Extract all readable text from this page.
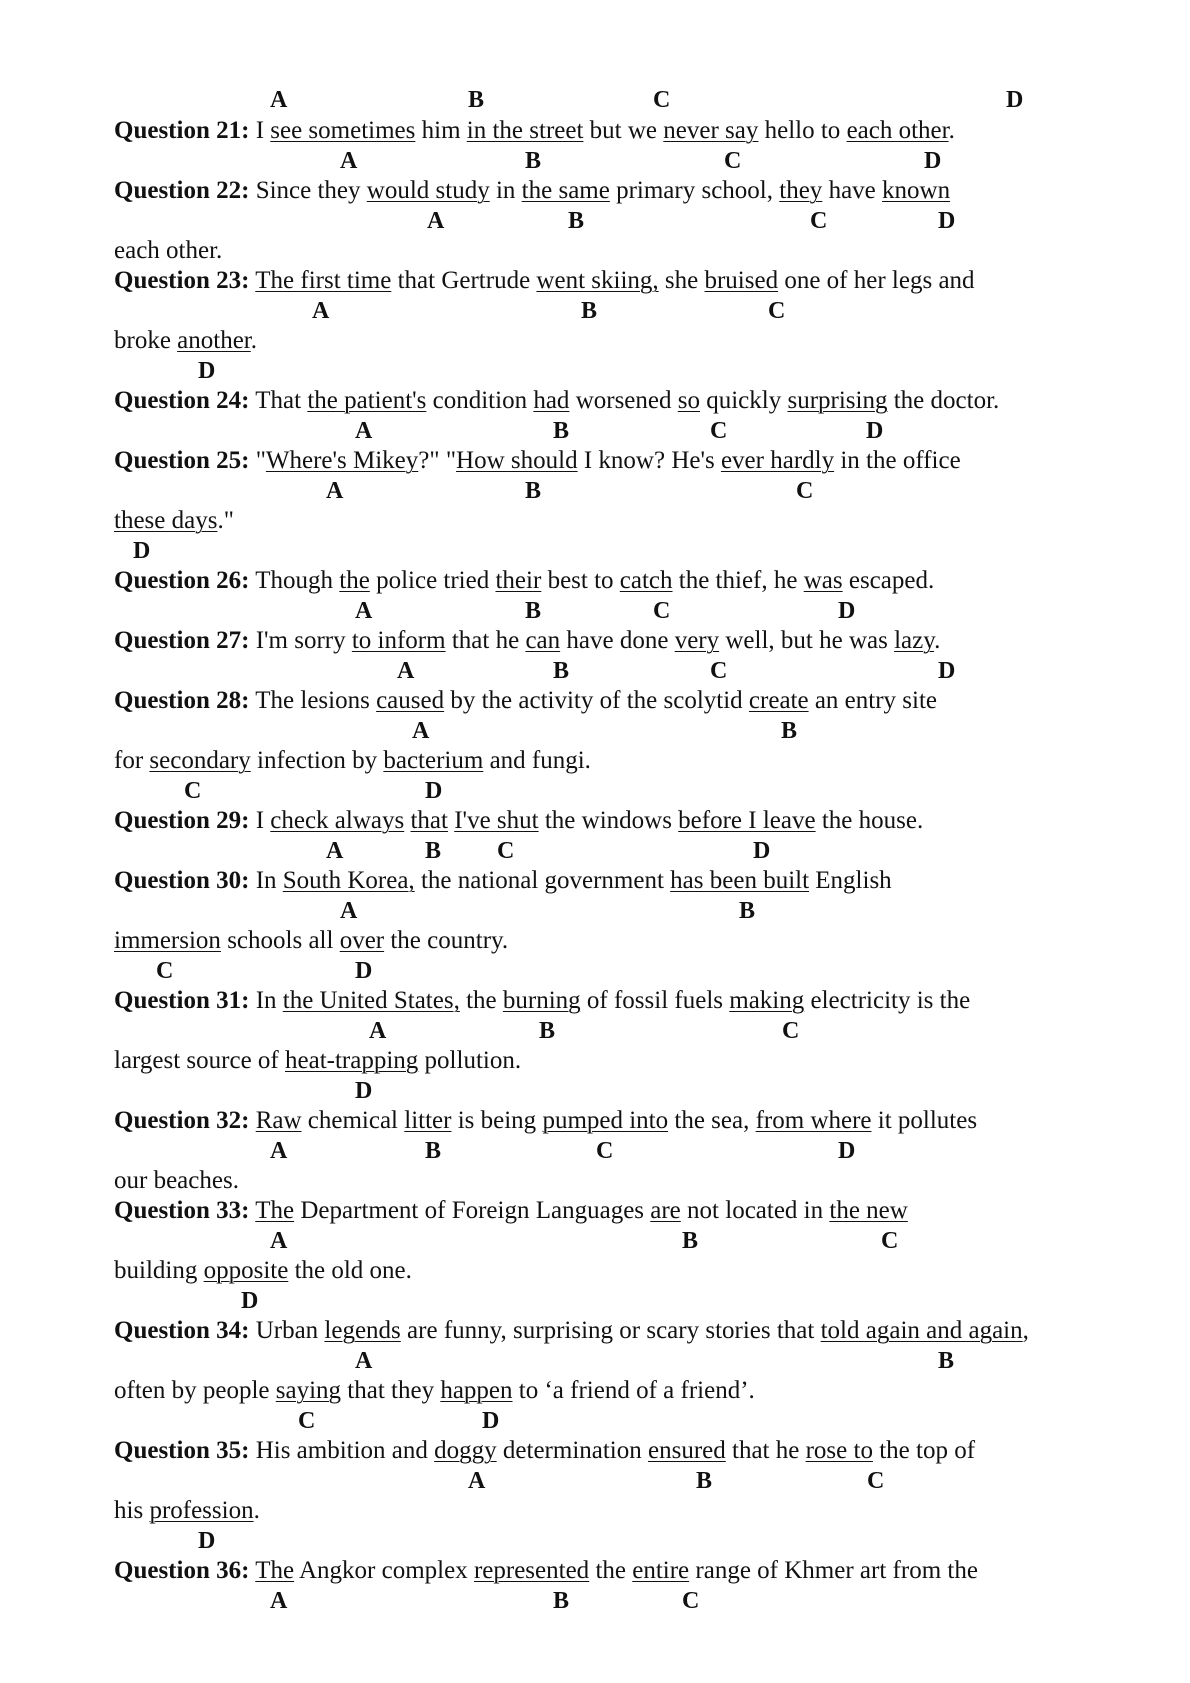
Question 21: I see sometimes him in the street but we never say hello to each other.
Question 22: Since they would study in the same primary school, they have known
each other.
Question 23: The first time that Gertrude went skiing, she bruised one of her legs and
broke another.
Question 24: That the patient's condition had worsened so quickly surprising the doctor.
Question 25: "Where's Mikey?" "How should I know? He's ever hardly in the office
these days."
Question 26: Though the police tried their best to catch the thief, he was escaped.
Question 27: I'm sorry to inform that he can have done very well, but he was lazy.
Question 28: The lesions caused by the activity of the scolytid create an entry site
for secondary infection by bacterium and fungi.
Question 29: I check always that I've shut the windows before I leave the house.
Question 30: In South Korea, the national government has been built English
immersion schools all over the country.
Question 31: In the United States, the burning of fossil fuels making electricity is the
largest source of heat-trapping pollution.
Question 32: Raw chemical litter is being pumped into the sea, from where it pollutes
our beaches.
Question 33: The Department of Foreign Languages are not located in the new
building opposite the old one.
Question 34: Urban legends are funny, surprising or scary stories that told again and again,
often by people saying that they happen to ‘a friend of a friend’.
Question 35: His ambition and doggy determination ensured that he rose to the top of
his profession.
Question 36: The Angkor complex represented the entire range of Khmer art from the
A	B	C	D
A	B	C	D
A	B	C	D
A	B	C
D
A	B	C	D
A	B	C
D
A	B	C	D
A	B	C	D
A	B
C	D
A	B C	D
A	B
C	D
A	B	C
D
A	B	C	D
A	B	C
D
A	B
C	D
A	B	C
D
A	B	C
